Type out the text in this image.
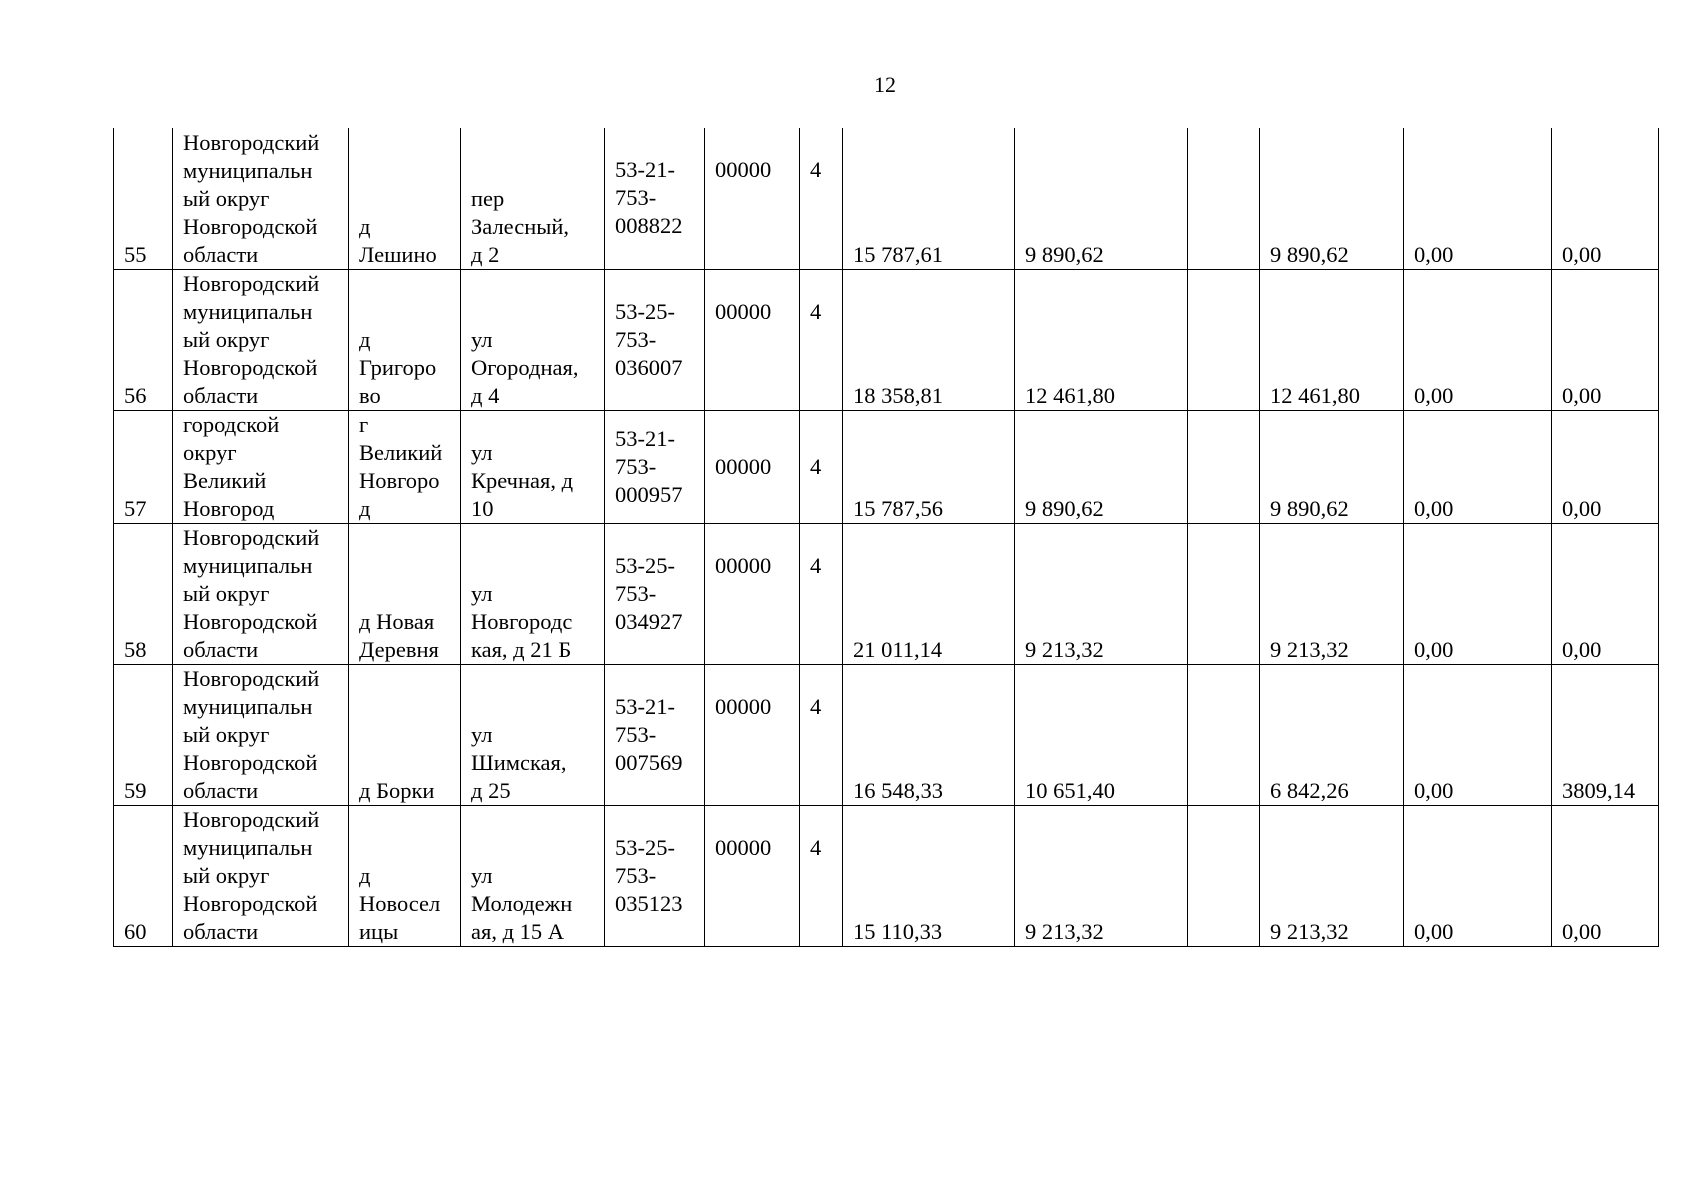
12
55	Новгородский
муниципальн
ый округ
Новгородской
области	д
Лешино	пер
Залесный,
д 2	53-21-
753-
008822	00000	4	15 787,61	9 890,62		9 890,62	0,00	0,00
56	Новгородский
муниципальн
ый округ
Новгородской
области	д
Григоро
во	ул
Огородная,
д 4	53-25-
753-
036007	00000	4	18 358,81	12 461,80		12 461,80	0,00	0,00
57	городской
округ
Великий
Новгород	г
Великий
Новгоро
д	ул
Кречная, д
10	53-21-
753-
000957	00000	4	15 787,56	9 890,62		9 890,62	0,00	0,00
58	Новгородский
муниципальн
ый округ
Новгородской
области	д Новая
Деревня	ул
Новгородс
кая, д 21 Б	53-25-
753-
034927	00000	4	21 011,14	9 213,32		9 213,32	0,00	0,00
59	Новгородский
муниципальн
ый округ
Новгородской
области	д Борки	ул
Шимская,
д 25	53-21-
753-
007569	00000	4	16 548,33	10 651,40		6 842,26	0,00	3809,14
60	Новгородский
муниципальн
ый округ
Новгородской
области	д
Новосел
ицы	ул
Молодежн
ая, д 15 А	53-25-
753-
035123	00000	4	15 110,33	9 213,32		9 213,32	0,00	0,00
